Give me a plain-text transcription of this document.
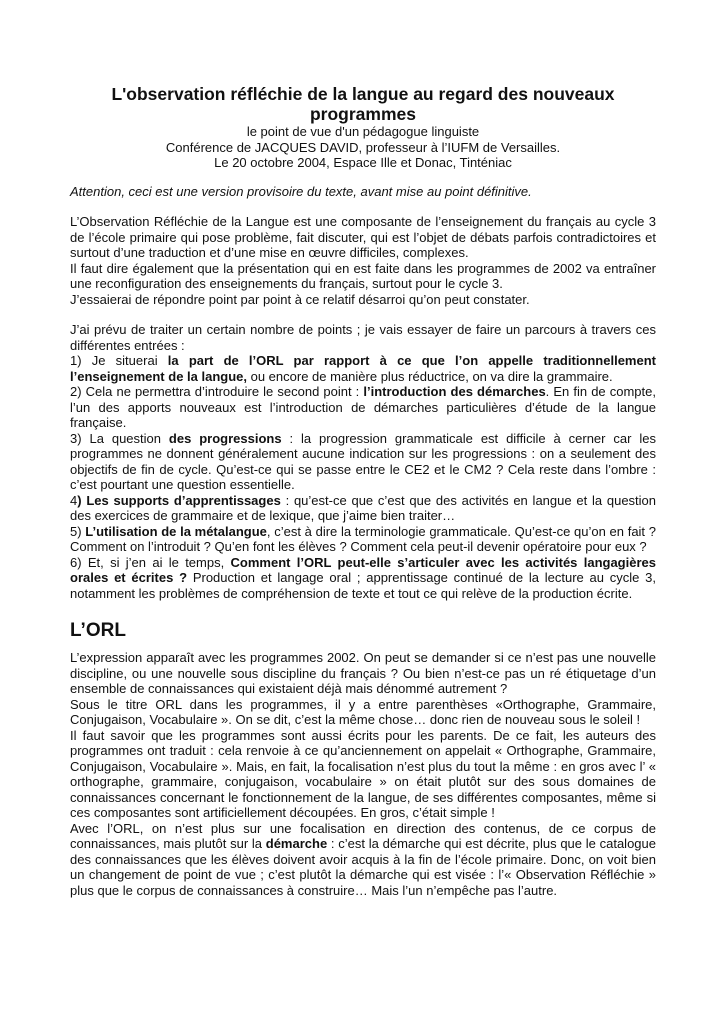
L'observation réfléchie de la langue au regard des nouveaux programmes

le point de vue d'un pédagogue linguiste

Conférence de JACQUES DAVID, professeur à l’IUFM de Versailles.

Le 20 octobre 2004, Espace Ille et Donac, Tinténiac

Attention, ceci est une version provisoire du texte, avant mise au point définitive.

L’Observation Réfléchie de la Langue est une composante de l’enseignement du français au cycle 3 de l’école primaire qui pose problème, fait discuter, qui est l’objet de débats parfois contradictoires et surtout d’une traduction et d’une mise en œuvre difficiles, complexes.

Il faut dire également que la présentation qui en est faite dans les programmes de 2002 va entraîner une reconfiguration des enseignements du français, surtout pour le cycle 3.

J’essaierai de répondre point par point à ce relatif désarroi qu’on peut constater.

J’ai prévu de traiter un certain nombre de points ; je vais essayer de faire un parcours à travers ces différentes entrées :

1) Je situerai la part de l’ORL par rapport à ce que l’on appelle traditionnellement l’enseignement de la langue, ou encore de manière plus réductrice, on va dire la grammaire.

2) Cela ne permettra d’introduire le second point : l’introduction des démarches. En fin de compte, l’un des apports nouveaux est l’introduction de démarches particulières d’étude de la langue française.

3) La question des progressions : la progression grammaticale est difficile à cerner car les programmes ne donnent généralement aucune indication sur les progressions : on a seulement des objectifs de fin de cycle. Qu’est-ce qui se passe entre le CE2 et le CM2 ? Cela reste dans l’ombre : c’est pourtant une question essentielle.

4) Les supports d’apprentissages : qu’est-ce que c’est que des activités en langue et la question des exercices de grammaire et de lexique, que j’aime bien traiter…

5) L’utilisation de la métalangue, c’est à dire la terminologie grammaticale. Qu’est-ce qu’on en fait ? Comment on l’introduit ? Qu’en font les élèves ? Comment cela peut-il devenir opératoire pour eux ?

6) Et, si j’en ai le temps, Comment l’ORL peut-elle s’articuler avec les activités langagières orales et écrites ? Production et langage oral ; apprentissage continué de la lecture au cycle 3, notamment les problèmes de compréhension de texte et tout ce qui relève de la production écrite.

L’ORL

L’expression apparaît avec les programmes 2002. On peut se demander si ce n’est pas une nouvelle discipline, ou une nouvelle sous discipline du français ? Ou bien n’est-ce pas un ré étiquetage d’un ensemble de connaissances qui existaient déjà mais dénommé autrement ?

Sous le titre ORL dans les programmes, il y a entre parenthèses «Orthographe, Grammaire, Conjugaison, Vocabulaire ». On se dit, c’est la même chose… donc rien de nouveau sous le soleil !

Il faut savoir que les programmes sont aussi écrits pour les parents. De ce fait, les auteurs des programmes ont traduit : cela renvoie à ce qu’anciennement on appelait « Orthographe, Grammaire, Conjugaison, Vocabulaire ». Mais, en fait, la focalisation n’est plus du tout la même : en gros avec l’ « orthographe, grammaire, conjugaison, vocabulaire » on était plutôt sur des sous domaines de connaissances concernant le fonctionnement de la langue, de ses différentes composantes, même si ces composantes sont artificiellement découpées. En gros, c’était simple !

Avec l’ORL, on n’est plus sur une focalisation en direction des contenus, de ce corpus de connaissances, mais plutôt sur la démarche : c’est la démarche qui est décrite, plus que le catalogue des connaissances que les élèves doivent avoir acquis à la fin de l’école primaire. Donc, on voit bien un changement de point de vue ; c’est plutôt la démarche qui est visée : l’« Observation Réfléchie » plus que le corpus de connaissances à construire… Mais l’un n’empêche pas l’autre.
